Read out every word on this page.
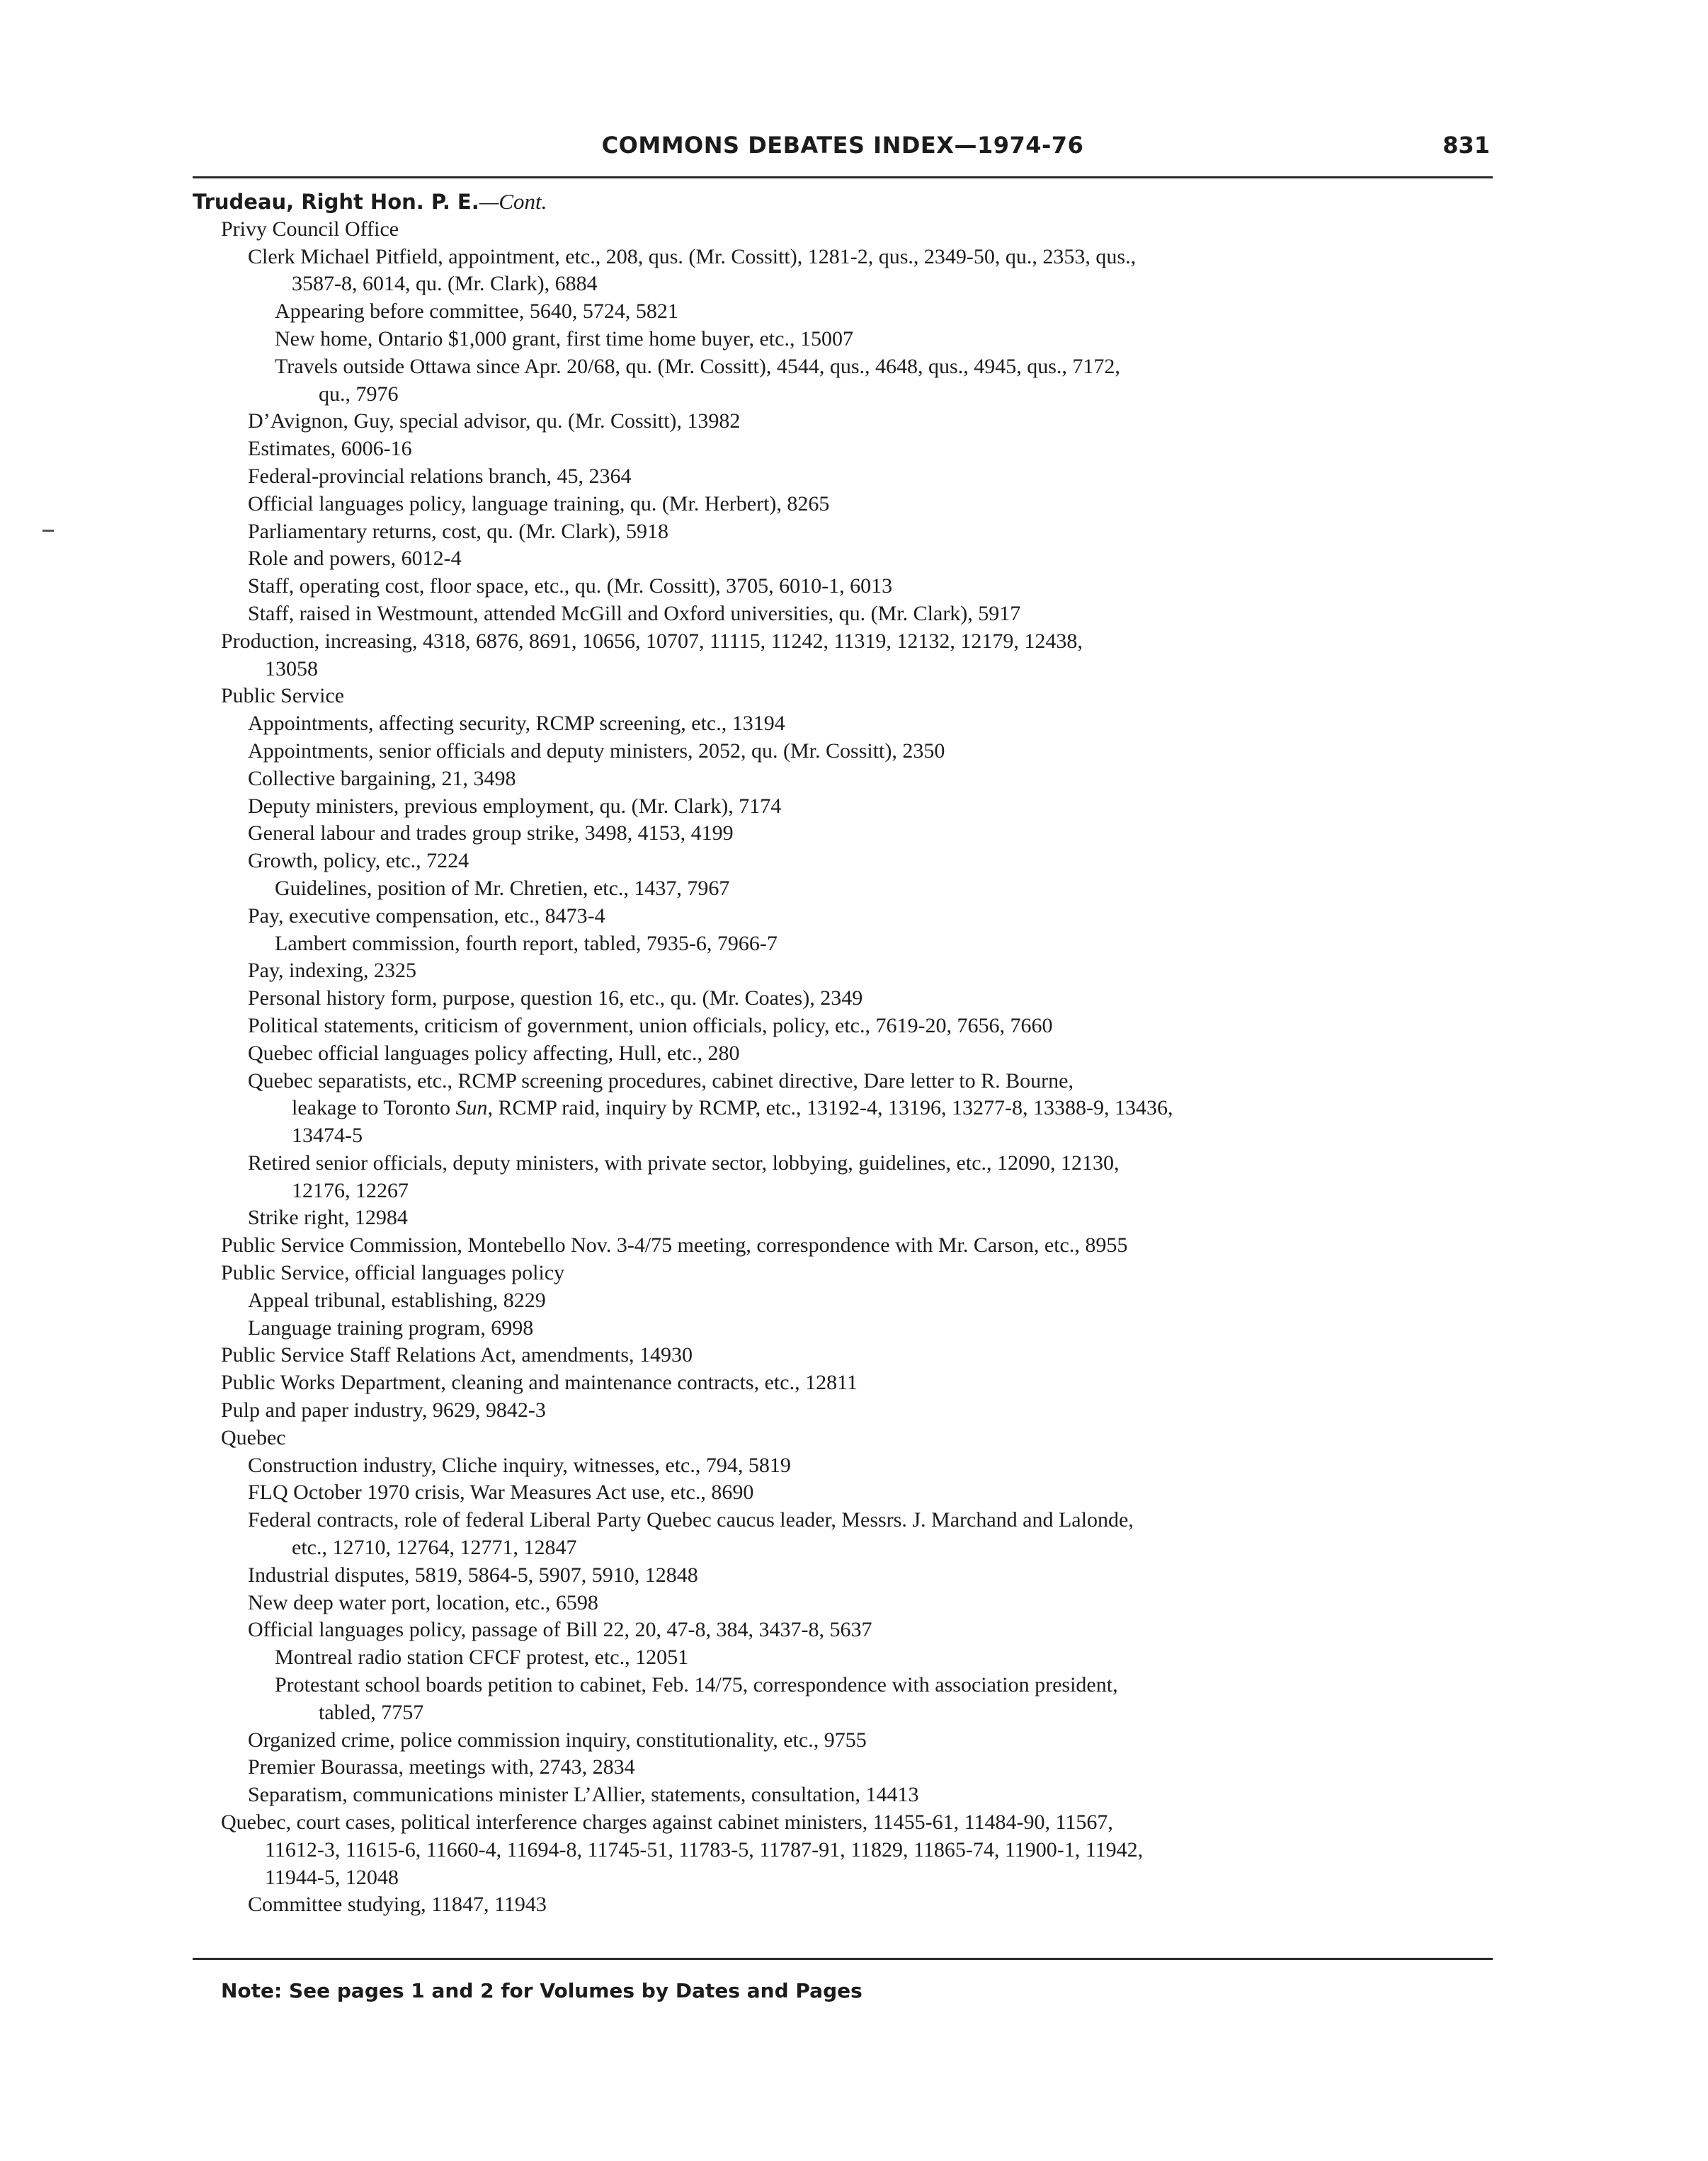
COMMONS DEBATES INDEX—1974-76	831
Trudeau, Right Hon. P. E.—Cont.
Privy Council Office
Clerk Michael Pitfield, appointment, etc., 208, qus. (Mr. Cossitt), 1281-2, qus., 2349-50, qu., 2353, qus.,
3587-8, 6014, qu. (Mr. Clark), 6884
Appearing before committee, 5640, 5724, 5821
New home, Ontario $1,000 grant, first time home buyer, etc., 15007
Travels outside Ottawa since Apr. 20/68, qu. (Mr. Cossitt), 4544, qus., 4648, qus., 4945, qus., 7172,
qu., 7976
D’Avignon, Guy, special advisor, qu. (Mr. Cossitt), 13982
Estimates, 6006-16
Federal-provincial relations branch, 45, 2364
Official languages policy, language training, qu. (Mr. Herbert), 8265
Parliamentary returns, cost, qu. (Mr. Clark), 5918
Role and powers, 6012-4
Staff, operating cost, floor space, etc., qu. (Mr. Cossitt), 3705, 6010-1, 6013
Staff, raised in Westmount, attended McGill and Oxford universities, qu. (Mr. Clark), 5917
Production, increasing, 4318, 6876, 8691, 10656, 10707, 11115, 11242, 11319, 12132, 12179, 12438,
13058
Public Service
Appointments, affecting security, RCMP screening, etc., 13194
Appointments, senior officials and deputy ministers, 2052, qu. (Mr. Cossitt), 2350
Collective bargaining, 21, 3498
Deputy ministers, previous employment, qu. (Mr. Clark), 7174
General labour and trades group strike, 3498, 4153, 4199
Growth, policy, etc., 7224
Guidelines, position of Mr. Chretien, etc., 1437, 7967
Pay, executive compensation, etc., 8473-4
Lambert commission, fourth report, tabled, 7935-6, 7966-7
Pay, indexing, 2325
Personal history form, purpose, question 16, etc., qu. (Mr. Coates), 2349
Political statements, criticism of government, union officials, policy, etc., 7619-20, 7656, 7660
Quebec official languages policy affecting, Hull, etc., 280
Quebec separatists, etc., RCMP screening procedures, cabinet directive, Dare letter to R. Bourne,
leakage to Toronto Sun, RCMP raid, inquiry by RCMP, etc., 13192-4, 13196, 13277-8, 13388-9, 13436,
13474-5
Retired senior officials, deputy ministers, with private sector, lobbying, guidelines, etc., 12090, 12130,
12176, 12267
Strike right, 12984
Public Service Commission, Montebello Nov. 3-4/75 meeting, correspondence with Mr. Carson, etc., 8955
Public Service, official languages policy
Appeal tribunal, establishing, 8229
Language training program, 6998
Public Service Staff Relations Act, amendments, 14930
Public Works Department, cleaning and maintenance contracts, etc., 12811
Pulp and paper industry, 9629, 9842-3
Quebec
Construction industry, Cliche inquiry, witnesses, etc., 794, 5819
FLQ October 1970 crisis, War Measures Act use, etc., 8690
Federal contracts, role of federal Liberal Party Quebec caucus leader, Messrs. J. Marchand and Lalonde,
etc., 12710, 12764, 12771, 12847
Industrial disputes, 5819, 5864-5, 5907, 5910, 12848
New deep water port, location, etc., 6598
Official languages policy, passage of Bill 22, 20, 47-8, 384, 3437-8, 5637
Montreal radio station CFCF protest, etc., 12051
Protestant school boards petition to cabinet, Feb. 14/75, correspondence with association president,
tabled, 7757
Organized crime, police commission inquiry, constitutionality, etc., 9755
Premier Bourassa, meetings with, 2743, 2834
Separatism, communications minister L’Allier, statements, consultation, 14413
Quebec, court cases, political interference charges against cabinet ministers, 11455-61, 11484-90, 11567,
11612-3, 11615-6, 11660-4, 11694-8, 11745-51, 11783-5, 11787-91, 11829, 11865-74, 11900-1, 11942,
11944-5, 12048
Committee studying, 11847, 11943
Note: See pages 1 and 2 for Volumes by Dates and Pages
